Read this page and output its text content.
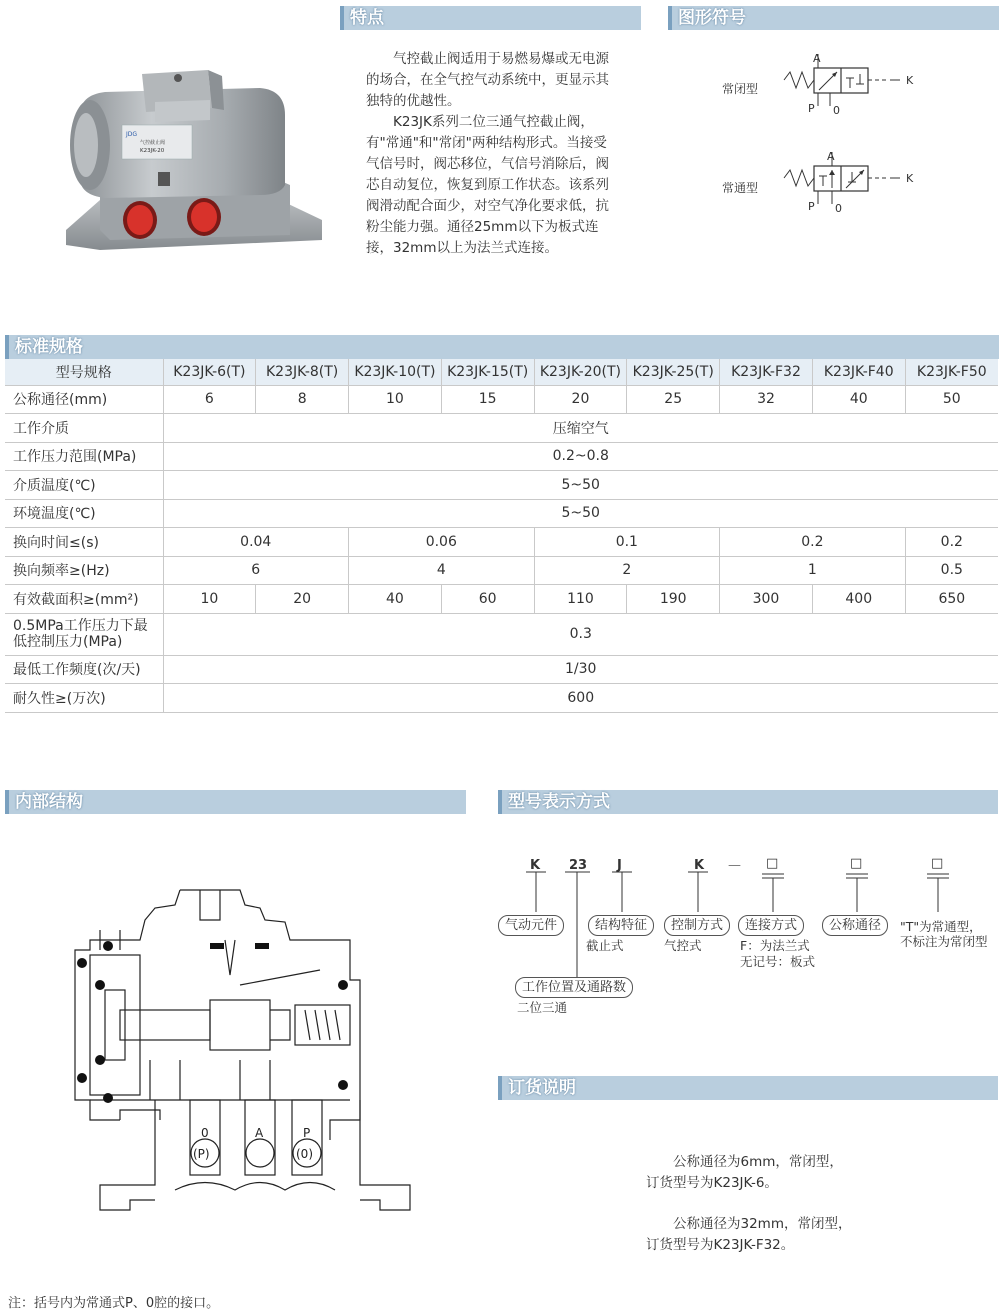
特点	图形符号
标准规格
内部结构	型号表示方式
订货说明
JDG
气控截止阀
K23JK-20

气控截止阀适用于易燃易爆或无电源的场合，在全气控气动系统中，更显示其独特的优越性。

K23JK系列二位三通气控截止阀，有"常通"和"常闭"两种结构形式。当接受气信号时，阀芯移位，气信号消除后，阀芯自动复位，恢复到原工作状态。该系列阀滑动配合面少，对空气净化要求低，抗粉尘能力强。通径25mm以下为板式连接，32mm以上为法兰式连接。

常闭型
A
P 0
K
常通型
A
P 0
K
型号规格	K23JK-6(T)	K23JK-8(T)	K23JK-10(T)	K23JK-15(T)	K23JK-20(T)	K23JK-25(T)	K23JK-F32	K23JK-F40	K23JK-F50
公称通径(mm)	6	8	10	15	20	25	32	40	50
工作介质	压缩空气								
工作压力范围(MPa)	0.2~0.8								
介质温度(℃)	5~50								
环境温度(℃)	5~50								
换向时间≤(s)	0.04		0.06		0.1		0.2		0.2
换向频率≥(Hz)	6		4		2		1		0.5
有效截面积≥(mm²)	10	20	40	60	110	190	300	400	650
0.5MPa工作压力下最低控制压力(MPa)	0.3								
最低工作频度(次/天)	1/30								
耐久性≥(万次)	600								
0
(P)
A	P
(0)
K 23 J	K — □	□	□
气动元件	结构特征
截止式
控制方式
气控式
连接方式
F：为法兰式
无记号：板式
公称通径	"T"为常通型，
不标注为常闭型
工作位置及通路数
二位三通
公称通径为6mm，常闭型，
订货型号为K23JK-6。
公称通径为32mm，常闭型，
订货型号为K23JK-F32。
注：括号内为常通式P、0腔的接口。
